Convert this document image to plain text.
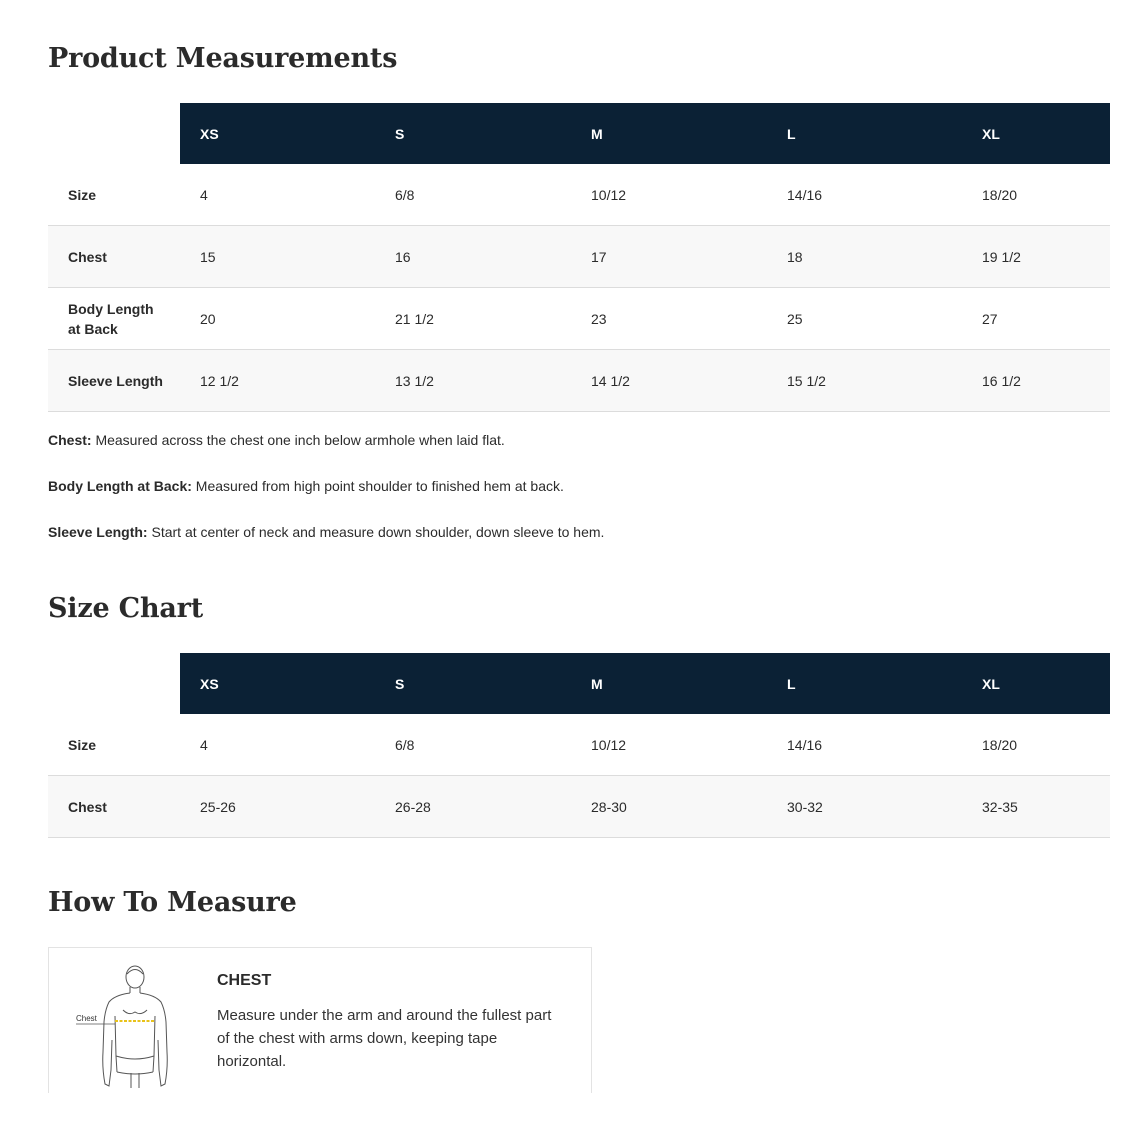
Product Measurements
	XS	S	M	L	XL
Size	4	6/8	10/12	14/16	18/20
Chest	15	16	17	18	19 1/2
Body Length at Back	20	21 1/2	23	25	27
Sleeve Length	12 1/2	13 1/2	14 1/2	15 1/2	16 1/2

Chest: Measured across the chest one inch below armhole when laid flat.

Body Length at Back: Measured from high point shoulder to finished hem at back.

Sleeve Length: Start at center of neck and measure down shoulder, down sleeve to hem.

Size Chart
	XS	S	M	L	XL
Size	4	6/8	10/12	14/16	18/20
Chest	25-26	26-28	28-30	30-32	32-35
How To Measure
Chest
CHEST
Measure under the arm and around the fullest part of the chest with arms down, keeping tape horizontal.
